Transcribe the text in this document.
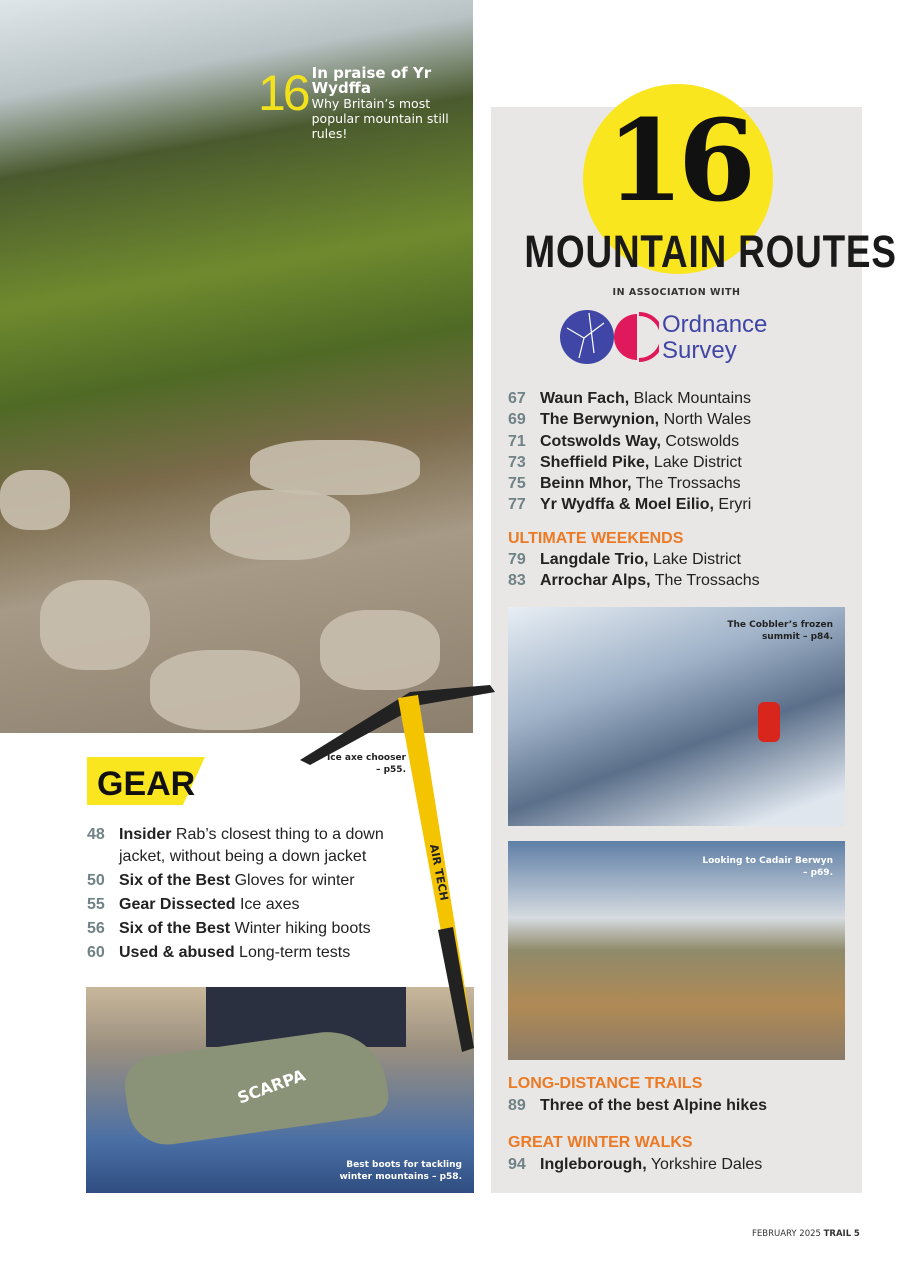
16 In praise of Yr Wydffa
Why Britain’s most popular mountain still rules!	16
MOUNTAIN ROUTES
IN ASSOCIATION WITH
Ordnance
Survey
67 Waun Fach, Black Mountains
69 The Berwynion, North Wales
71 Cotswolds Way, Cotswolds
73 Sheffield Pike, Lake District
75 Beinn Mhor, The Trossachs
77 Yr Wydffa & Moel Eilio, Eryri
ULTIMATE WEEKENDS
79 Langdale Trio, Lake District
83 Arrochar Alps, The Trossachs
The Cobbler’s frozen
summit – p84.
Looking to Cadair Berwyn
– p69.
LONG-DISTANCE TRAILS
89 Three of the best Alpine hikes
GREAT WINTER WALKS
94 Ingleborough, Yorkshire Dales
GEAR
48 Insider Rab’s closest thing to a down
jacket, without being a down jacket
50 Six of the Best Gloves for winter
55 Gear Dissected Ice axes
56 Six of the Best Winter hiking boots
60 Used & abused Long-term tests
SCARPA
Best boots for tackling
winter mountains – p58.
AIR TECH
Ice axe chooser
– p55.
FEBRUARY 2025 TRAIL 5
